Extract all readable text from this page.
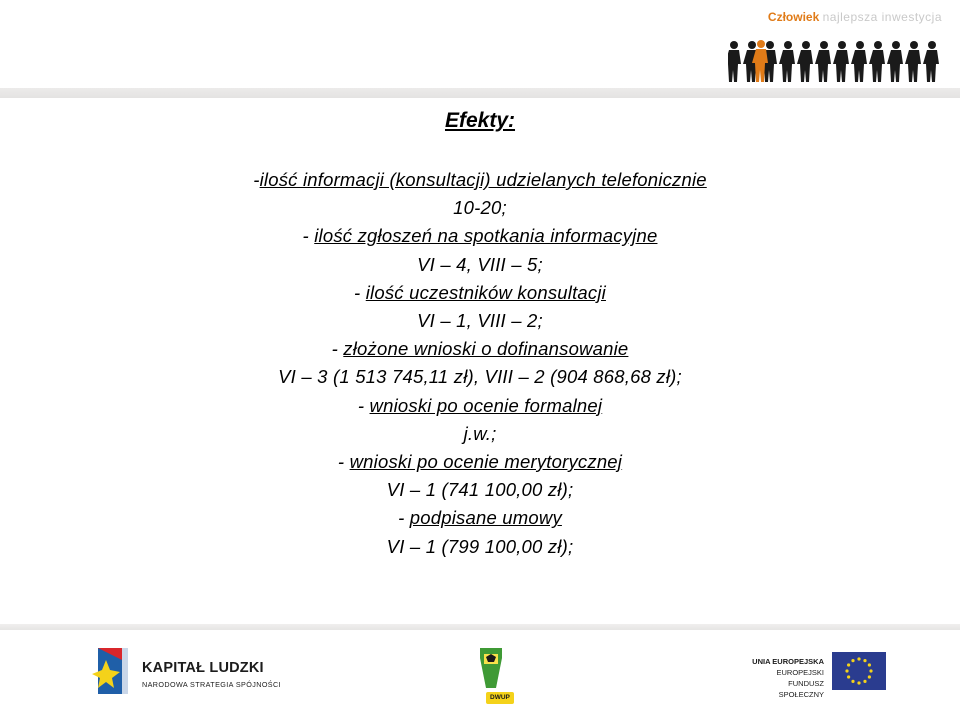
Człowiek najlepsza inwestycja
Efekty:
-ilość informacji (konsultacji) udzielanych telefonicznie
10-20;
- ilość zgłoszeń na spotkania informacyjne
VI – 4, VIII – 5;
- ilość uczestników konsultacji
VI – 1, VIII – 2;
- złożone wnioski o dofinansowanie
VI – 3 (1 513 745,11 zł), VIII – 2 (904 868,68 zł);
- wnioski po ocenie formalnej
j.w.;
- wnioski po ocenie merytorycznej
VI – 1 (741 100,00 zł);
- podpisane umowy
VI – 1 (799 100,00 zł);
KAPITAŁ LUDZKI
NARODOWA STRATEGIA SPÓJNOŚCI
DWUP
UNIA EUROPEJSKA
EUROPEJSKI
FUNDUSZ SPOŁECZNY
